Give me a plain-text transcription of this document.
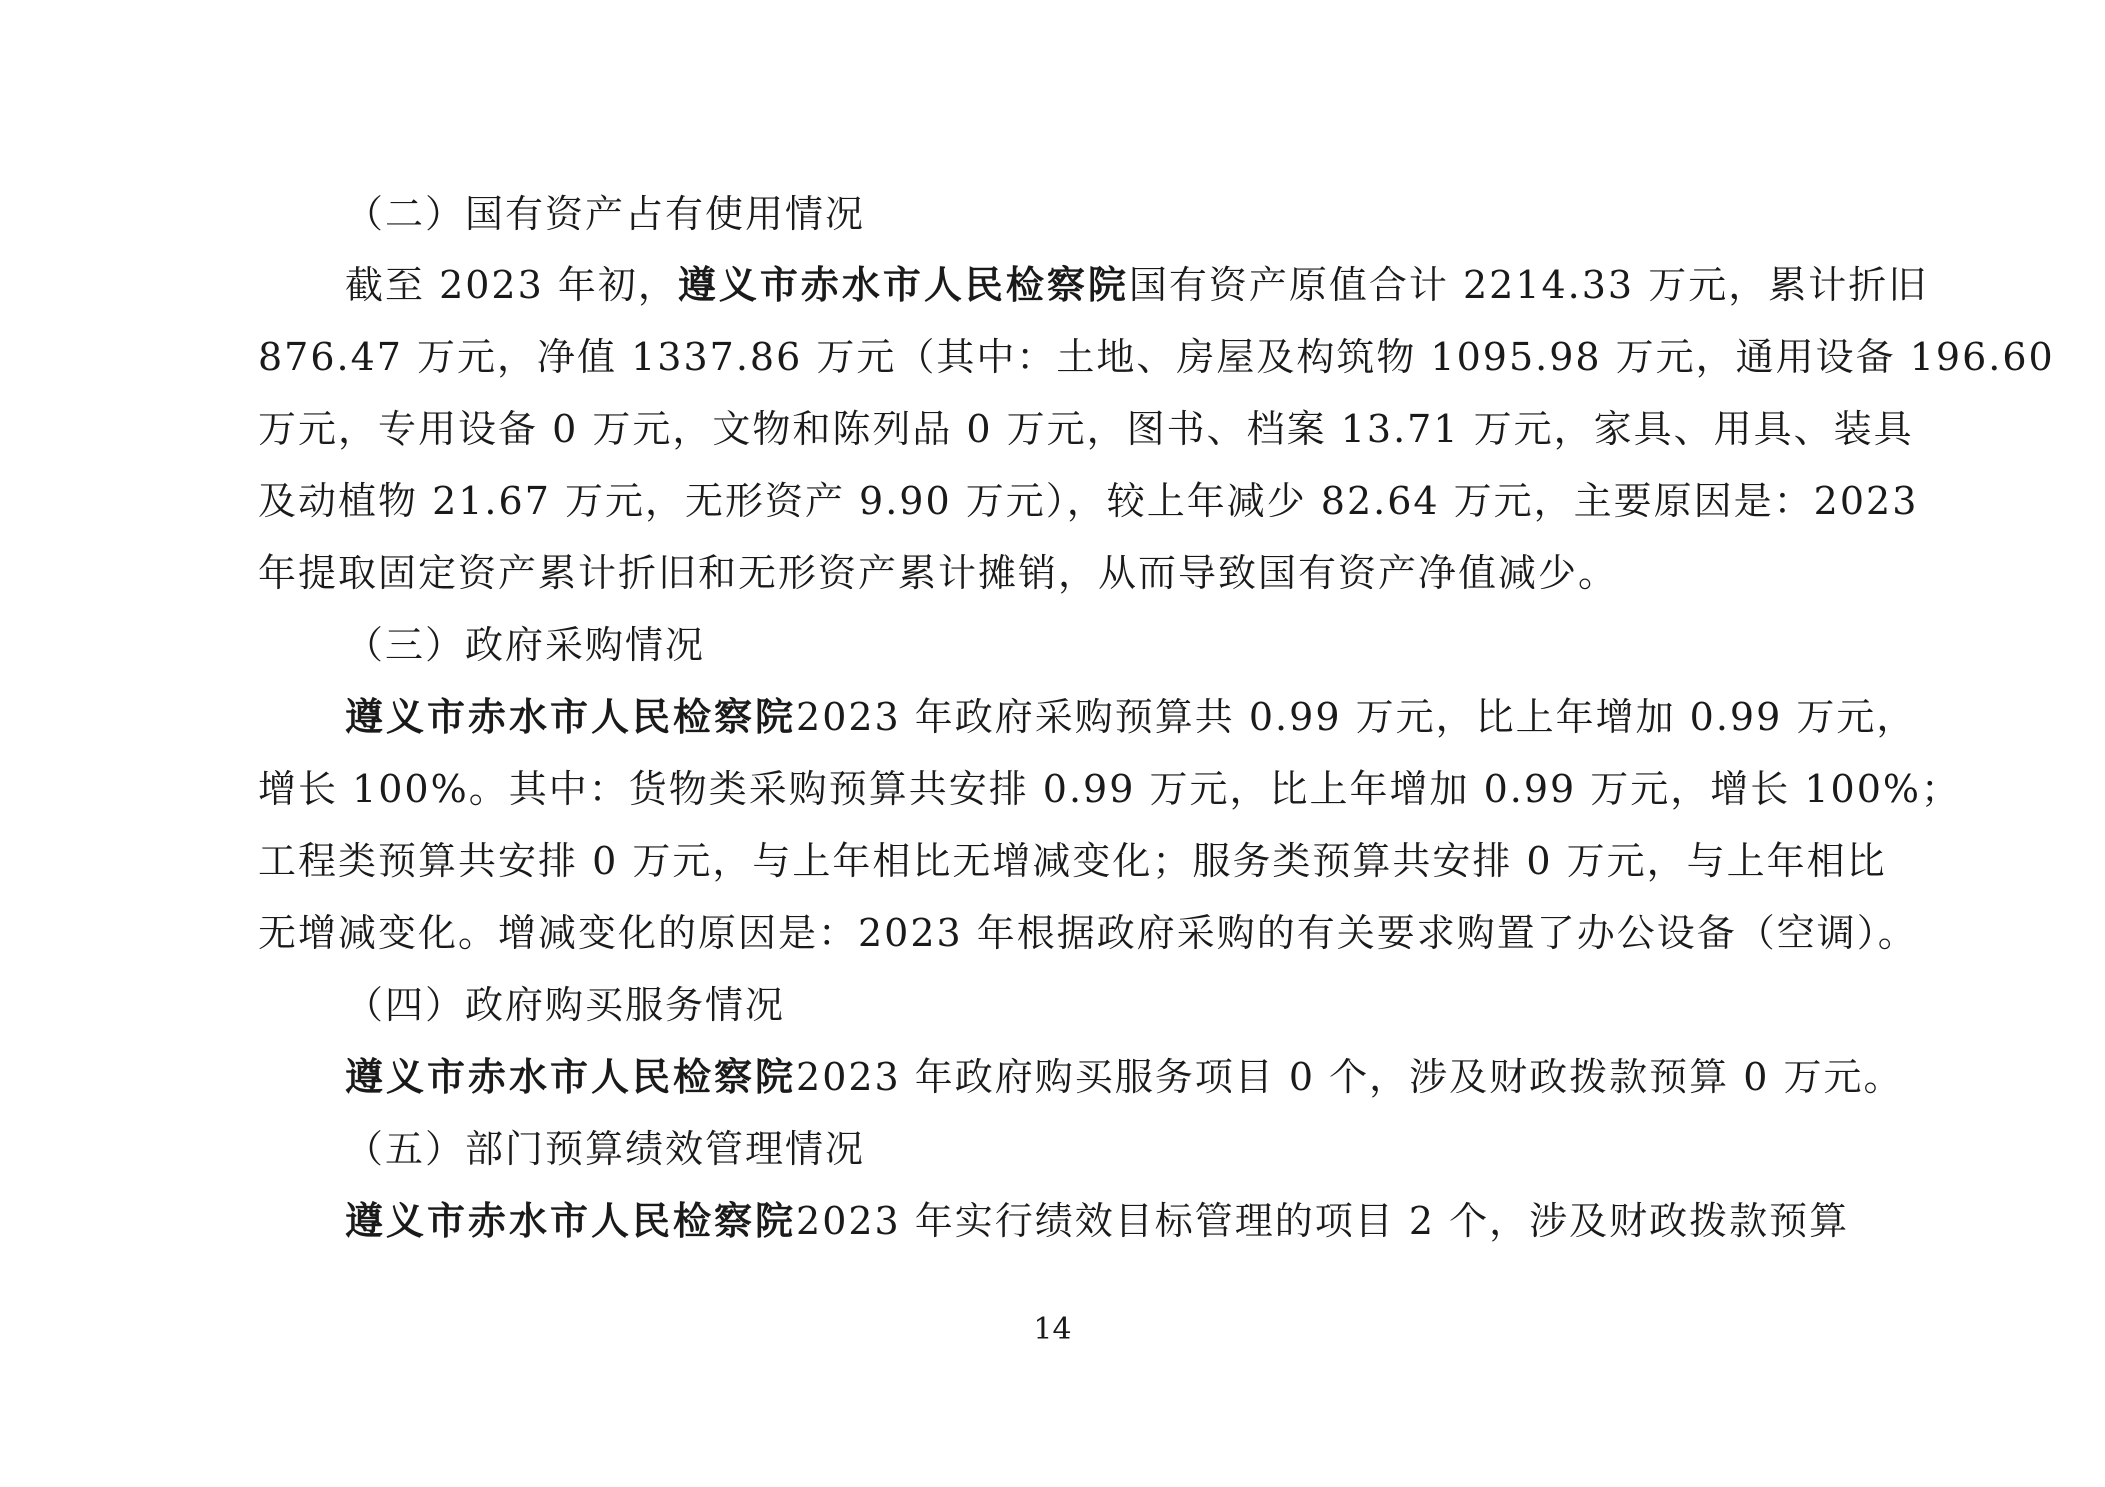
（二）国有资产占有使用情况
截至 2023 年初，遵义市赤水市人民检察院国有资产原值合计 2214.33 万元，累计折旧
876.47 万元，净值 1337.86 万元（其中：土地、房屋及构筑物 1095.98 万元，通用设备 196.60
万元，专用设备 0 万元，文物和陈列品 0 万元，图书、档案 13.71 万元，家具、用具、装具
及动植物 21.67 万元，无形资产 9.90 万元），较上年减少 82.64 万元，主要原因是：2023
年提取固定资产累计折旧和无形资产累计摊销，从而导致国有资产净值减少。
（三）政府采购情况
遵义市赤水市人民检察院2023 年政府采购预算共 0.99 万元，比上年增加 0.99 万元，
增长 100%。其中：货物类采购预算共安排 0.99 万元，比上年增加 0.99 万元，增长 100%；
工程类预算共安排 0 万元，与上年相比无增减变化；服务类预算共安排 0 万元，与上年相比
无增减变化。增减变化的原因是：2023 年根据政府采购的有关要求购置了办公设备（空调）。
（四）政府购买服务情况
遵义市赤水市人民检察院2023 年政府购买服务项目 0 个，涉及财政拨款预算 0 万元。
（五）部门预算绩效管理情况
遵义市赤水市人民检察院2023 年实行绩效目标管理的项目 2 个，涉及财政拨款预算
14
